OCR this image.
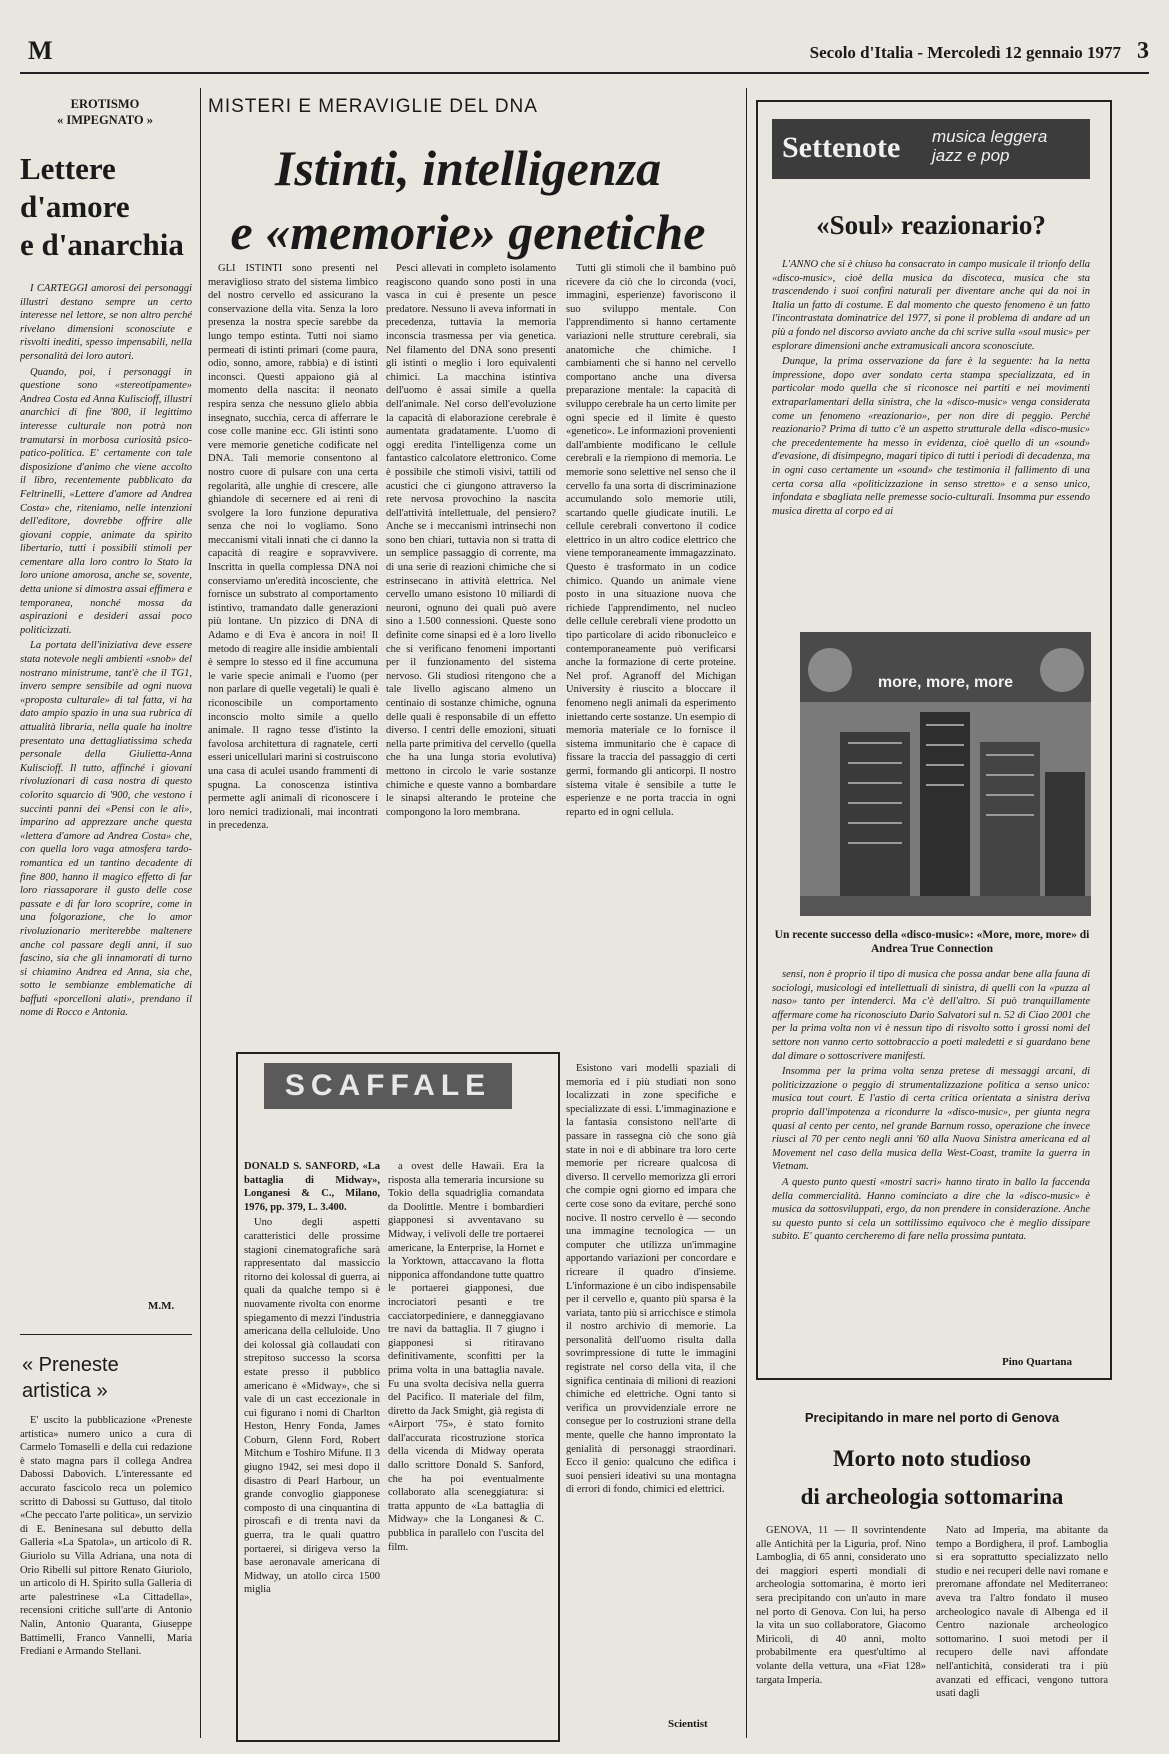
M	Secolo d'Italia - Mercoledì 12 gennaio 1977 3
EROTISMO
« IMPEGNATO »
Lettere
d'amore
e d'anarchia

I CARTEGGI amorosi dei personaggi illustri destano sempre un certo interesse nel lettore, se non altro perché rivelano dimensioni sconosciute e risvolti inediti, spesso impensabili, nella personalità dei loro autori.

Quando, poi, i personaggi in questione sono «stereotipamente» Andrea Costa ed Anna Kuliscioff, illustri anarchici di fine '800, il legittimo interesse culturale non potrà non tramutarsi in morbosa curiosità psico-patico-politica. E' certamente con tale disposizione d'animo che viene accolto il libro, recentemente pubblicato da Feltrinelli, «Lettere d'amore ad Andrea Costa» che, riteniamo, nelle intenzioni dell'editore, dovrebbe offrire alle giovani coppie, animate da spirito libertario, tutti i possibili stimoli per cementare alla loro contro lo Stato la loro unione amorosa, anche se, sovente, detta unione si dimostra assai effimera e temporanea, nonché mossa da aspirazioni e desideri assai poco politicizzati.

La portata dell'iniziativa deve essere stata notevole negli ambienti «snob» del nostrano ministrume, tant'è che il TG1, invero sempre sensibile ad ogni nuova «proposta culturale» di tal fatta, vi ha dato ampio spazio in una sua rubrica di attualità libraria, nella quale ha inoltre presentato una dettagliatissima scheda personale della Giulietta-Anna Kuliscioff. Il tutto, affinché i giovani rivoluzionari di casa nostra di questo colorito squarcio di '900, che vestono i succinti panni dei «Pensi con le ali», imparino ad apprezzare anche questa «lettera d'amore ad Andrea Costa» che, con quella loro vaga atmosfera tardo-romantica ed un tantino decadente di fine 800, hanno il magico effetto di far loro riassaporare il gusto delle cose passate e di far loro scoprire, come in una folgorazione, che lo amor rivoluzionario meriterebbe maltenere anche col passare degli anni, il suo fascino, sia che gli innamorati di turno si chiamino Andrea ed Anna, sia che, sotto le sembianze emblematiche di baffuti «porcelloni alati», prendano il nome di Rocco e Antonia.

M.M.
« Preneste
artistica »

E' uscito la pubblicazione «Preneste artistica» numero unico a cura di Carmelo Tomaselli e della cui redazione è stato magna pars il collega Andrea Dabossi Dabovich. L'interessante ed accurato fascicolo reca un polemico scritto di Dabossi su Guttuso, dal titolo «Che peccato l'arte politica», un servizio di E. Beninesana sul debutto della Galleria «La Spatola», un articolo di R. Giuriolo su Villa Adriana, una nota di Orio Ribelli sul pittore Renato Giuriolo, un articolo di H. Spirito sulla Galleria di arte palestrinese «La Cittadella», recensioni critiche sull'arte di Antonio Nalin, Antonio Quaranta, Giuseppe Battimelli, Franco Vannelli, Maria Frediani e Armando Stellani.

MISTERI E MERAVIGLIE DEL DNA
Istinti, intelligenza
e «memorie» genetiche

GLI ISTINTI sono presenti nel meraviglioso strato del sistema limbico del nostro cervello ed assicurano la conservazione della vita. Senza la loro presenza la nostra specie sarebbe da lungo tempo estinta. Tutti noi siamo permeati di istinti primari (come paura, odio, sonno, amore, rabbia) e di istinti inconsci. Questi appaiono già al momento della nascita: il neonato respira senza che nessuno glielo abbia insegnato, succhia, cerca di afferrare le cose colle manine ecc. Gli istinti sono vere memorie genetiche codificate nel DNA. Tali memorie consentono al nostro cuore di pulsare con una certa regolarità, alle unghie di crescere, alle ghiandole di secernere ed ai reni di svolgere la loro funzione depurativa senza che noi lo vogliamo. Sono meccanismi vitali innati che ci danno la capacità di reagire e sopravvivere. Inscritta in quella complessa DNA noi conserviamo un'eredità incosciente, che fornisce un substrato al comportamento istintivo, tramandato dalle generazioni più lontane. Un pizzico di DNA di Adamo e di Eva è ancora in noi! Il metodo di reagire alle insidie ambientali è sempre lo stesso ed il fine accumuna le varie specie animali e l'uomo (per non parlare di quelle vegetali) le quali è riconoscibile un comportamento inconscio molto simile a quello animale. Il ragno tesse d'istinto la favolosa architettura di ragnatele, certi esseri unicellulari marini si costruiscono una casa di aculei usando frammenti di spugna. La conoscenza istintiva permette agli animali di riconoscere i loro nemici tradizionali, mai incontrati in precedenza.

Pesci allevati in completo isolamento reagiscono quando sono posti in una vasca in cui è presente un pesce predatore. Nessuno li aveva informati in precedenza, tuttavia la memoria inconscia trasmessa per via genetica. Nel filamento del DNA sono presenti gli istinti o meglio i loro equivalenti chimici. La macchina istintiva dell'uomo è assai simile a quella dell'animale. Nel corso dell'evoluzione la capacità di elaborazione cerebrale è aumentata gradatamente. L'uomo di oggi eredita l'intelligenza come un fantastico calcolatore elettronico. Come è possibile che stimoli visivi, tattili od acustici che ci giungono attraverso la rete nervosa provochino la nascita dell'attività intellettuale, del pensiero? Anche se i meccanismi intrinsechi non sono ben chiari, tuttavia non si tratta di un semplice passaggio di corrente, ma di una serie di reazioni chimiche che si estrinsecano in attività elettrica. Nel cervello umano esistono 10 miliardi di neuroni, ognuno dei quali può avere sino a 1.500 connessioni. Queste sono definite come sinapsi ed è a loro livello che si verificano fenomeni importanti per il funzionamento del sistema nervoso. Gli studiosi ritengono che a tale livello agiscano almeno un centinaio di sostanze chimiche, ognuna delle quali è responsabile di un effetto diverso. I centri delle emozioni, situati nella parte primitiva del cervello (quella che ha una lunga storia evolutiva) mettono in circolo le varie sostanze chimiche e queste vanno a bombardare le sinapsi alterando le proteine che compongono la loro membrana.

Tutti gli stimoli che il bambino può ricevere da ciò che lo circonda (voci, immagini, esperienze) favoriscono il suo sviluppo mentale. Con l'apprendimento si hanno certamente variazioni nelle strutture cerebrali, sia anatomiche che chimiche. I cambiamenti che si hanno nel cervello comportano anche una diversa preparazione mentale: la capacità di sviluppo cerebrale ha un certo limite per ogni specie ed il limite è questo «genetico». Le informazioni provenienti dall'ambiente modificano le cellule cerebrali e la riempiono di memoria. Le memorie sono selettive nel senso che il cervello fa una sorta di discriminazione accumulando solo memorie utili, scartando quelle giudicate inutili. Le cellule cerebrali convertono il codice elettrico in un altro codice elettrico che viene temporaneamente immagazzinato. Questo è trasformato in un codice chimico. Quando un animale viene posto in una situazione nuova che richiede l'apprendimento, nel nucleo delle cellule cerebrali viene prodotto un tipo particolare di acido ribonucleico e contemporaneamente può verificarsi anche la formazione di certe proteine. Nel prof. Agranoff del Michigan University è riuscito a bloccare il fenomeno negli animali da esperimento iniettando certe sostanze. Un esempio di memoria materiale ce lo fornisce il sistema immunitario che è capace di fissare la traccia del passaggio di certi germi, formando gli anticorpi. Il nostro sistema vitale è sensibile a tutte le esperienze e ne porta traccia in ogni reparto ed in ogni cellula.

Esistono vari modelli spaziali di memoria ed i più studiati non sono localizzati in zone specifiche e specializzate di essi. L'immaginazione e la fantasia consistono nell'arte di passare in rassegna ciò che sono già state in noi e di abbinare tra loro certe memorie per ricreare qualcosa di diverso. Il cervello memorizza gli errori che compie ogni giorno ed impara che certe cose sono da evitare, perché sono nocive. Il nostro cervello è — secondo una immagine tecnologica — un computer che utilizza un'immagine apportando variazioni per concordare e ricreare il quadro d'insieme. L'informazione è un cibo indispensabile per il cervello e, quanto più sparsa è la variata, tanto più si arricchisce e stimola il nostro archivio di memorie. La personalità dell'uomo risulta dalla sovrimpressione di tutte le immagini registrate nel corso della vita, il che significa centinaia di milioni di reazioni chimiche ed elettriche. Ogni tanto si verifica un provvidenziale errore ne consegue per lo costruzioni strane della mente, quelle che hanno improntato la genialità di personaggi straordinari. Ecco il genio: qualcuno che edifica i suoi pensieri ideativi su una montagna di errori di fondo, chimici ed elettrici.

Scientist
SCAFFALE

DONALD S. SANFORD, «La battaglia di Midway», Longanesi & C., Milano, 1976, pp. 379, L. 3.400.

Uno degli aspetti caratteristici delle prossime stagioni cinematografiche sarà rappresentato dal massiccio ritorno dei kolossal di guerra, ai quali da qualche tempo si è nuovamente rivolta con enorme spiegamento di mezzi l'industria americana della celluloide. Uno dei kolossal già collaudati con strepitoso successo la scorsa estate presso il pubblico americano è «Midway», che si vale di un cast eccezionale in cui figurano i nomi di Charlton Heston, Henry Fonda, James Coburn, Glenn Ford, Robert Mitchum e Toshiro Mifune. Il 3 giugno 1942, sei mesi dopo il disastro di Pearl Harbour, un grande convoglio giapponese composto di una cinquantina di piroscafi e di trenta navi da guerra, tra le quali quattro portaerei, si dirigeva verso la base aeronavale americana di Midway, un atollo circa 1500 miglia

a ovest delle Hawaii. Era la risposta alla temeraria incursione su Tokio della squadriglia comandata da Doolittle. Mentre i bombardieri giapponesi si avventavano su Midway, i velivoli delle tre portaerei americane, la Enterprise, la Hornet e la Yorktown, attaccavano la flotta nipponica affondandone tutte quattro le portaerei giapponesi, due incrociatori pesanti e tre cacciatorpediniere, e danneggiavano tre navi da battaglia. Il 7 giugno i giapponesi si ritiravano definitivamente, sconfitti per la prima volta in una battaglia navale. Fu una svolta decisiva nella guerra del Pacifico. Il materiale del film, diretto da Jack Smight, già regista di «Airport '75», è stato fornito dall'accurata ricostruzione storica della vicenda di Midway operata dallo scrittore Donald S. Sanford, che ha poi eventualmente collaborato alla sceneggiatura: si tratta appunto de «La battaglia di Midway» che la Longanesi & C. pubblica in parallelo con l'uscita del film.

Settenote musica leggera
jazz e pop
«Soul» reazionario?

L'ANNO che si è chiuso ha consacrato in campo musicale il trionfo della «disco-music», cioè della musica da discoteca, musica che sta trascendendo i suoi confini naturali per diventare anche qui da noi in Italia un fatto di costume. E dal momento che questo fenomeno è un fatto l'incontrastata dominatrice del 1977, si pone il problema di andare ad un più a fondo nel discorso avviato anche da chi scrive sulla «soul music» per esplorare dimensioni anche extramusicali ancora sconosciute.

Dunque, la prima osservazione da fare è la seguente: ha la netta impressione, dopo aver sondato certa stampa specializzata, ed in particolar modo quella che si riconosce nei partiti e nei movimenti extraparlamentari della sinistra, che la «disco-music» venga considerata come un fenomeno «reazionario», per non dire di peggio. Perché reazionario? Prima di tutto c'è un aspetto strutturale della «disco-music» che precedentemente ha messo in evidenza, cioè quello di un «sound» d'evasione, di disimpegno, magari tipico di tutti i periodi di decadenza, ma in ogni caso certamente un «sound» che testimonia il fallimento di una certa corsa alla «politicizzazione in senso stretto» e a senso unico, infondata e sbagliata nelle premesse socio-culturali. Insomma pur essendo musica diretta al corpo ed ai

more, more, more
Un recente successo della «disco-music»: «More, more, more» di Andrea True Connection

sensi, non è proprio il tipo di musica che possa andar bene alla fauna di sociologi, musicologi ed intellettuali di sinistra, di quelli con la «puzza al naso» tanto per intenderci. Ma c'è dell'altro. Si può tranquillamente affermare come ha riconosciuto Dario Salvatori sul n. 52 di Ciao 2001 che per la prima volta non vi è nessun tipo di risvolto sotto i grossi nomi del settore non vanno certo sottobraccio a poeti maledetti e si guardano bene dal dimare o sottoscrivere manifesti.

Insomma per la prima volta senza pretese di messaggi arcani, di politicizzazione o peggio di strumentalizzazione politica a senso unico: musica tout court. E l'astio di certa critica orientata a sinistra deriva proprio dall'impotenza a ricondurre la «disco-music», per giunta negra quasi al cento per cento, nel grande Barnum rosso, operazione che invece riuscì al 70 per cento negli anni '60 alla Nuova Sinistra americana ed al Movement nel caso della musica della West-Coast, tramite la guerra in Vietnam.

A questo punto questi «mostri sacri» hanno tirato in ballo la faccenda della commercialità. Hanno cominciato a dire che la «disco-music» è musica da sottosviluppati, ergo, da non prendere in considerazione. Anche su questo punto si cela un sottilissimo equivoco che è meglio dissipare subito. E' quanto cercheremo di fare nella prossima puntata.

Pino Quartana
Precipitando in mare nel porto di Genova
Morto noto studioso
di archeologia sottomarina

GENOVA, 11 — Il sovrintendente alle Antichità per la Liguria, prof. Nino Lamboglia, di 65 anni, considerato uno dei maggiori esperti mondiali di archeologia sottomarina, è morto ieri sera precipitando con un'auto in mare nel porto di Genova. Con lui, ha perso la vita un suo collaboratore, Giacomo Miricoli, di 40 anni, molto probabilmente era quest'ultimo al volante della vettura, una «Fiat 128» targata Imperia.

Nato ad Imperia, ma abitante da tempo a Bordighera, il prof. Lamboglia si era soprattutto specializzato nello studio e nei recuperi delle navi romane e preromane affondate nel Mediterraneo: aveva tra l'altro fondato il museo archeologico navale di Albenga ed il Centro nazionale archeologico sottomarino. I suoi metodi per il recupero delle navi affondate nell'antichità, considerati tra i più avanzati ed efficaci, vengono tuttora usati dagli
